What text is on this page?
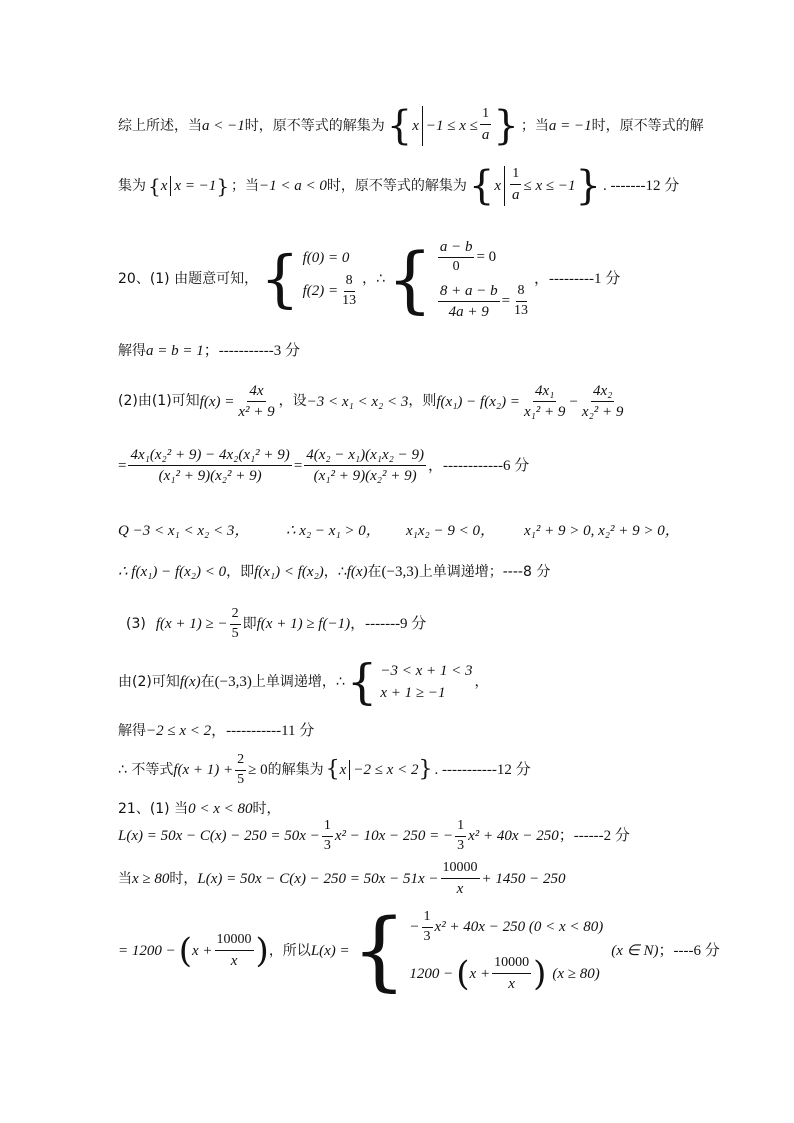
综上所述，当 a < −1 时，原不等式的解集为 { $x -1 \le x \le \frac{1}{a}$ } ；当 a = −1 时，原不等式的解
集为 { x x = −1 } ；当 −1 < a < 0 时，原不等式的解集为 { x $\frac{1}{a} \le x \le -1$ } . -------12 分
20、(1) 由题意可知， { f(0) = 0
$f(2) = \frac{8}{13}$ ，∴ { $\frac{a - b}{0} = 0$
$\frac{8 + a - b}{4a + 9} = \frac{8}{13}$
，---------1 分
解得 a = b = 1 ；-----------3 分
(2)由(1)可知 $f(x) = \frac{4x}{\text{x² + 9}}$ ，设 −3 < x₁ < x₂ < 3 ，则 $f(x_1) - f(x_2) = \frac{\text{4x₁}}{\text{x₁² + 9}} - \frac{\text{4x₂}}{\text{x₂² + 9}}$
= $\frac{\text{4x₁(x₂² + 9) − 4x₂(x₁² + 9)}}{\text{(x₁² + 9)(x₂² + 9)}} = \frac{\text{4(x₂ − x₁)(x₁x₂ − 9)}}{\text{(x₁² + 9)(x₂² + 9)}}$ ，------------6 分
Q −3 < x₁ < x₂ < 3，	∴ x₂ − x₁ > 0，	x₁x₂ − 9 < 0，	x₁² + 9 > 0, x₂² + 9 > 0，
∴ f(x₁) − f(x₂) < 0 ，即 f(x₁) < f(x₂) ，∴ f(x) 在 (−3,3) 上单调递增；----8 分
(3) f(x + 1) ≥ − $\frac{2}{5}$ 即 f(x + 1) ≥ f(−1) ，-------9 分
由(2)可知 f(x) 在 (−3,3) 上单调递增，∴ { −3 < x + 1 < 3
x + 1 ≥ −1
，
解得 −2 ≤ x < 2 ，-----------11 分
∴ 不等式 $f(x + 1) + \frac{2}{5} \ge 0$ 的解集为 { x −2 ≤ x < 2 } . -----------12 分
21、(1) 当 0 < x < 80 时，
$L(x) = 50x - C(x) - 250 = 50x - \frac{1}{3} x^2 - 10x - 250$ = − $\frac{1}{3} x^2 + 40x - 250$ ；------2 分
当 x ≥ 80 时， $L(x) = 50x - C(x) - 250 = 50x - 51x - \frac{10000}{x} + 1450 - 250$
= 1200 − ( $x + \frac{10000}{x}$ ) ，所以 L(x) = { − $\frac{1}{3} x^2 + 40x - 250$ (0 < x < 80)
1200 − ( $x + \frac{10000}{x}$ ) (x ≥ 80)
(x ∈ N) ；----6 分
